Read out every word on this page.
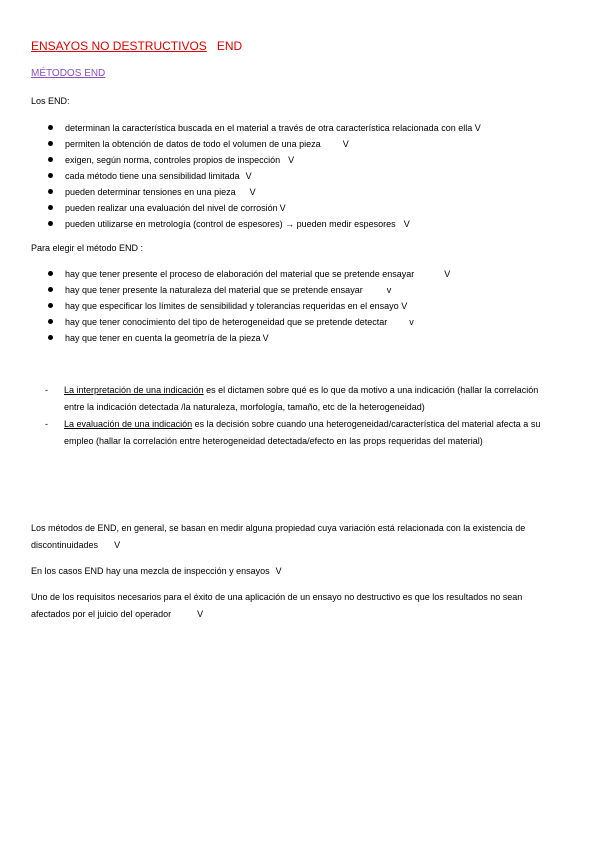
ENSAYOS NO DESTRUCTIVOS END
MÉTODOS END
Los END:
determinan la característica buscada en el material a través de otra característica relacionada con ella V
permiten la obtención de datos de todo el volumen de una pieza V
exigen, según norma, controles propios de inspección V
cada método tiene una sensibilidad limitada V
pueden determinar tensiones en una pieza V
pueden realizar una evaluación del nivel de corrosión V
pueden utilizarse en metrología (control de espesores) → pueden medir espesores V
Para elegir el método END :
hay que tener presente el proceso de elaboración del material que se pretende ensayar	V
hay que tener presente la naturaleza del material que se pretende ensayar	v
hay que especificar los límites de sensibilidad y tolerancias requeridas en el ensayo V
hay que tener conocimiento del tipo de heterogeneidad que se pretende detectar v
hay que tener en cuenta la geometría de la pieza V
- La interpretación de una indicación es el dictamen sobre qué es lo que da motivo a una indicación (hallar la correlación entre la indicación detectada /la naturaleza, morfología, tamaño, etc de la heterogeneidad)
- La evaluación de una indicación es la decisión sobre cuando una heterogeneidad/característica del material afecta a su empleo (hallar la correlación entre heterogeneidad detectada/efecto en las props requeridas del material)
Los métodos de END, en general, se basan en medir alguna propiedad cuya variación está relacionada con la existencia de discontinuidades V
En los casos END hay una mezcla de inspección y ensayos V
Uno de los requisitos necesarios para el éxito de una aplicación de un ensayo no destructivo es que los resultados no sean afectados por el juicio del operador	V
